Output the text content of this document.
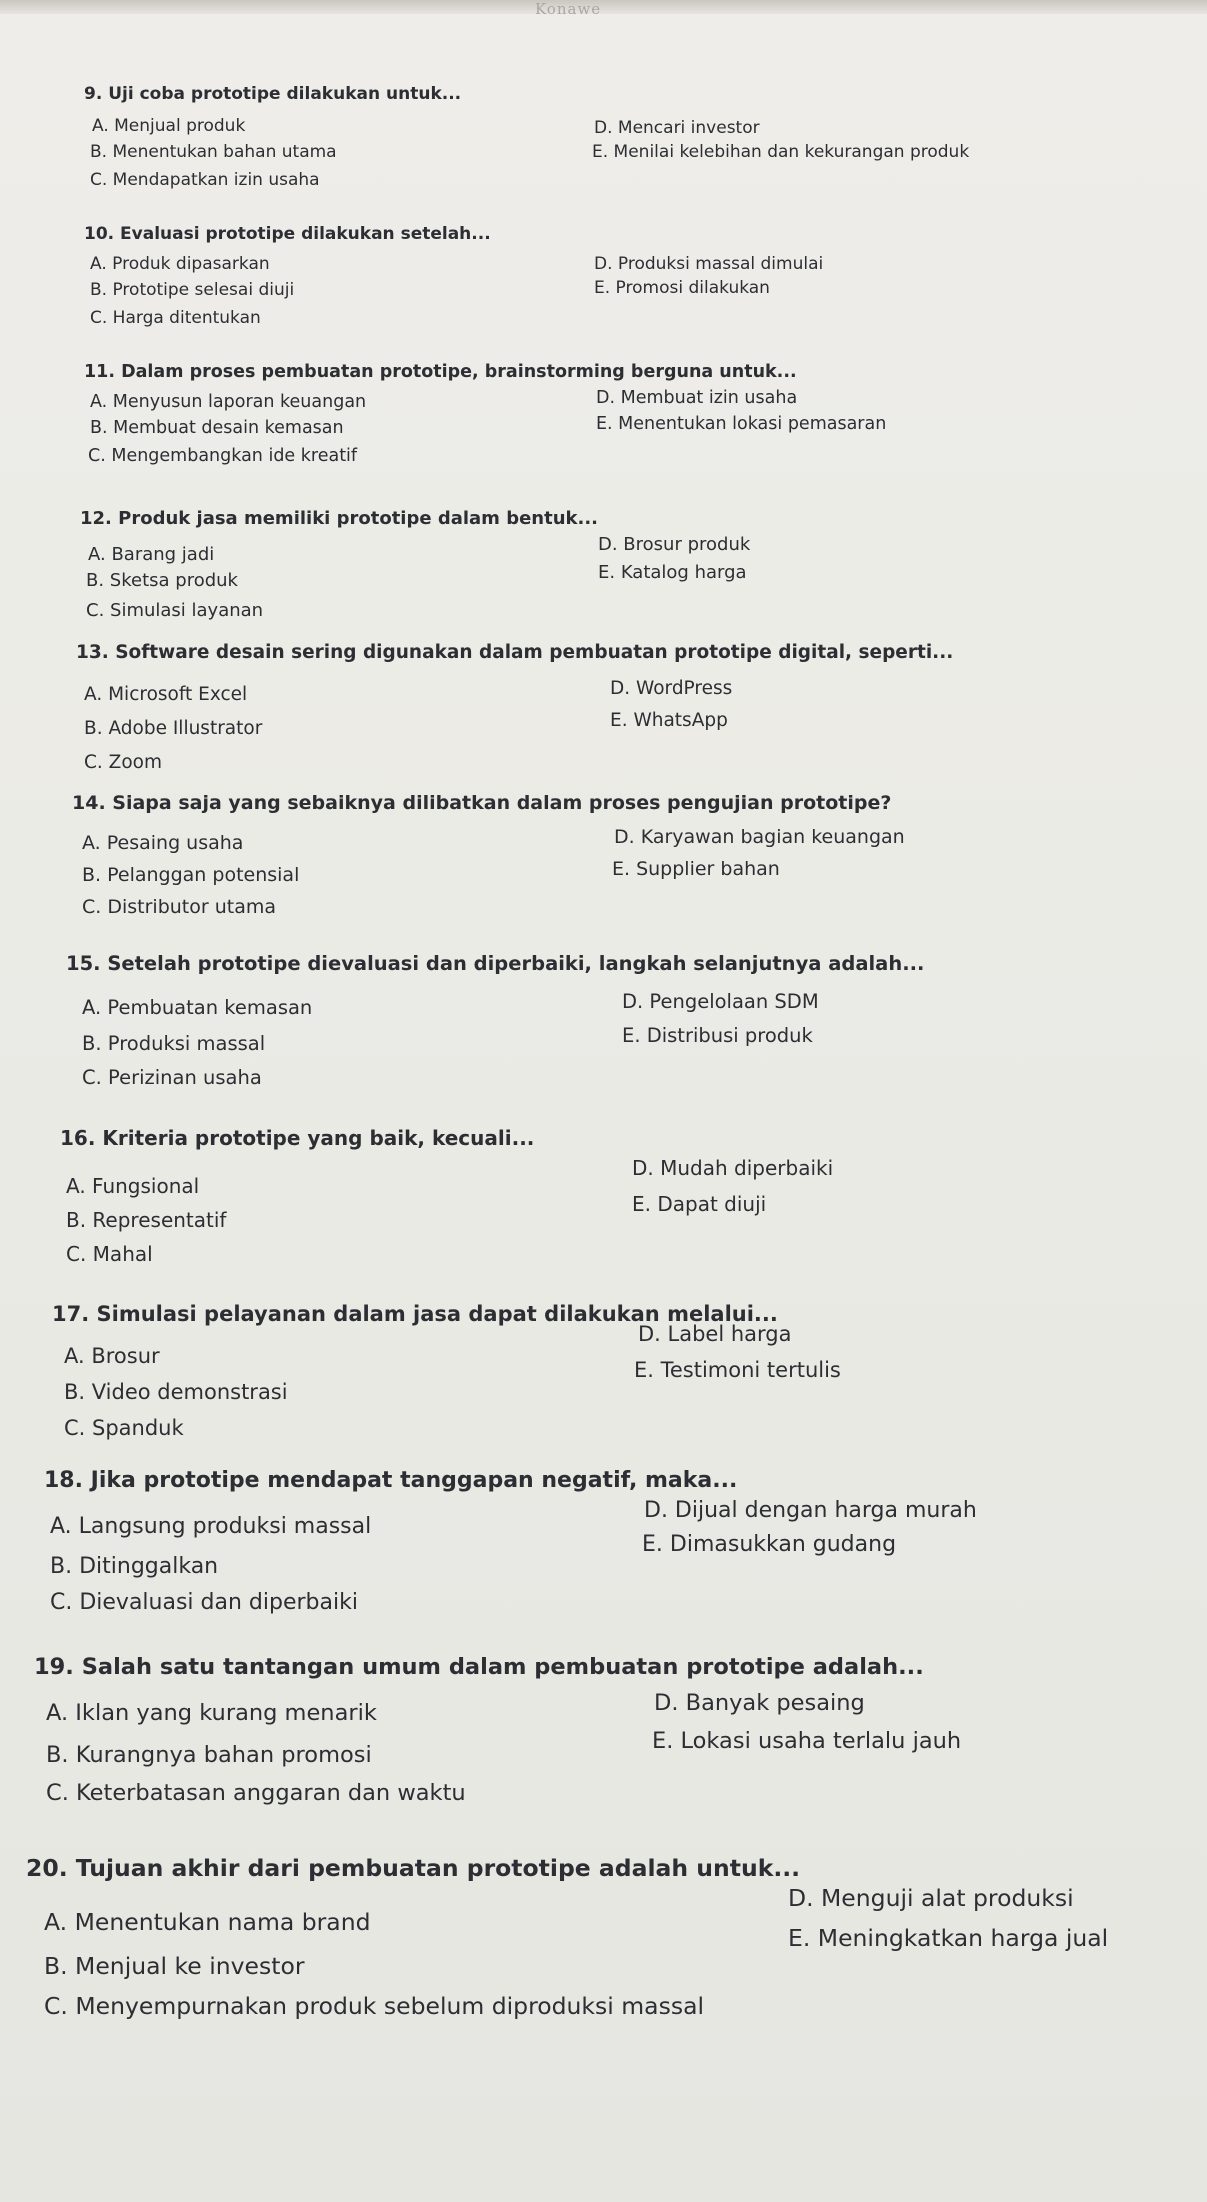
Konawe
9. Uji coba prototipe dilakukan untuk...
A. Menjual produk
B. Menentukan bahan utama
C. Mendapatkan izin usaha
D. Mencari investor
E. Menilai kelebihan dan kekurangan produk
10. Evaluasi prototipe dilakukan setelah...
A. Produk dipasarkan
B. Prototipe selesai diuji
C. Harga ditentukan
D. Produksi massal dimulai
E. Promosi dilakukan
11. Dalam proses pembuatan prototipe, brainstorming berguna untuk...
A. Menyusun laporan keuangan
B. Membuat desain kemasan
C. Mengembangkan ide kreatif
D. Membuat izin usaha
E. Menentukan lokasi pemasaran
12. Produk jasa memiliki prototipe dalam bentuk...
A. Barang jadi
B. Sketsa produk
C. Simulasi layanan
D. Brosur produk
E. Katalog harga
13. Software desain sering digunakan dalam pembuatan prototipe digital, seperti...
A. Microsoft Excel
B. Adobe Illustrator
C. Zoom
D. WordPress
E. WhatsApp
14. Siapa saja yang sebaiknya dilibatkan dalam proses pengujian prototipe?
A. Pesaing usaha
B. Pelanggan potensial
C. Distributor utama
D. Karyawan bagian keuangan
E. Supplier bahan
15. Setelah prototipe dievaluasi dan diperbaiki, langkah selanjutnya adalah...
A. Pembuatan kemasan
B. Produksi massal
C. Perizinan usaha
D. Pengelolaan SDM
E. Distribusi produk
16. Kriteria prototipe yang baik, kecuali...
A. Fungsional
B. Representatif
C. Mahal
D. Mudah diperbaiki
E. Dapat diuji
17. Simulasi pelayanan dalam jasa dapat dilakukan melalui...
A. Brosur
B. Video demonstrasi
C. Spanduk
D. Label harga
E. Testimoni tertulis
18. Jika prototipe mendapat tanggapan negatif, maka...
A. Langsung produksi massal
B. Ditinggalkan
C. Dievaluasi dan diperbaiki
D. Dijual dengan harga murah
E. Dimasukkan gudang
19. Salah satu tantangan umum dalam pembuatan prototipe adalah...
A. Iklan yang kurang menarik
B. Kurangnya bahan promosi
C. Keterbatasan anggaran dan waktu
D. Banyak pesaing
E. Lokasi usaha terlalu jauh
20. Tujuan akhir dari pembuatan prototipe adalah untuk...
A. Menentukan nama brand
B. Menjual ke investor
C. Menyempurnakan produk sebelum diproduksi massal
D. Menguji alat produksi
E. Meningkatkan harga jual
